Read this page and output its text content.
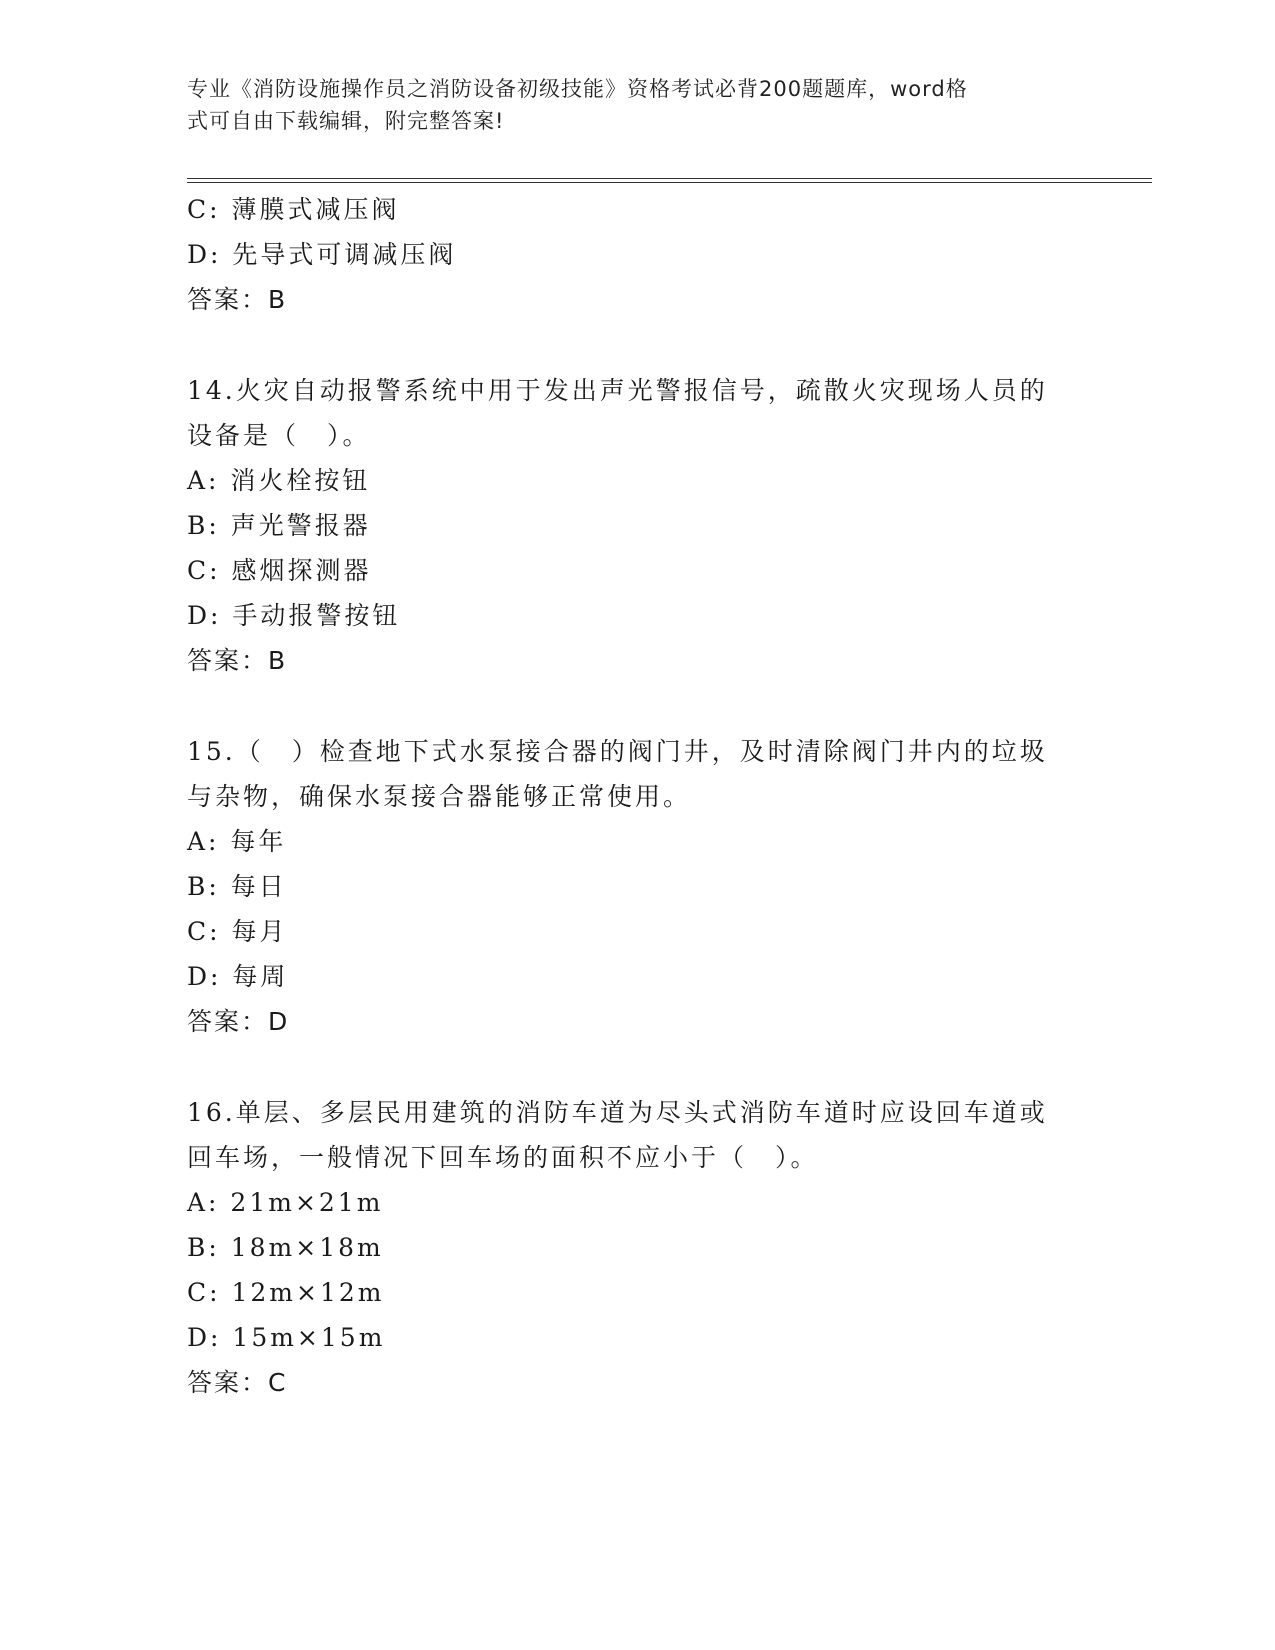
专业《消防设施操作员之消防设备初级技能》资格考试必背200题题库，word格
式可自由下载编辑，附完整答案!
C: 薄膜式减压阀
D: 先导式可调减压阀
答案：B
14.火灾自动报警系统中用于发出声光警报信号，疏散火灾现场人员的
设备是（　）。
A: 消火栓按钮
B: 声光警报器
C: 感烟探测器
D: 手动报警按钮
答案：B
15.（　）检查地下式水泵接合器的阀门井，及时清除阀门井内的垃圾
与杂物，确保水泵接合器能够正常使用。
A: 每年
B: 每日
C: 每月
D: 每周
答案：D
16.单层、多层民用建筑的消防车道为尽头式消防车道时应设回车道或
回车场，一般情况下回车场的面积不应小于（　）。
A: 21m×21m
B: 18m×18m
C: 12m×12m
D: 15m×15m
答案：C
